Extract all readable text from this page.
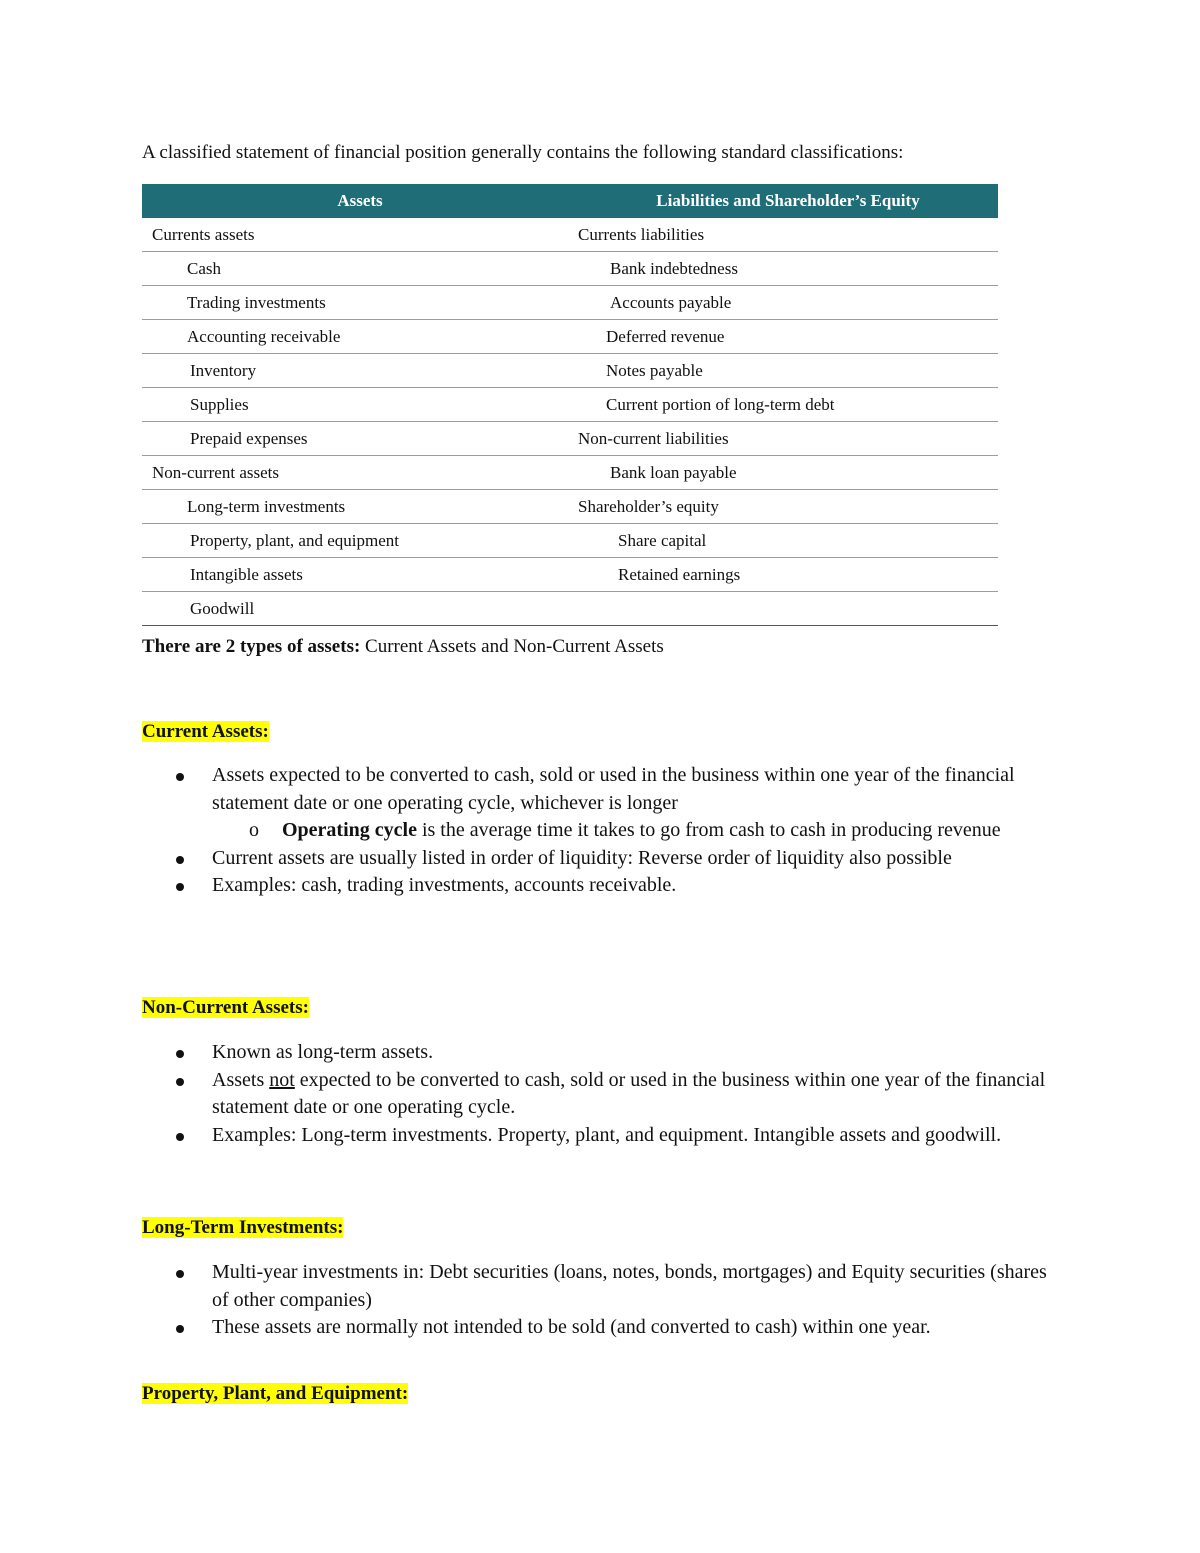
A classified statement of financial position generally contains the following standard classifications:

Assets	Liabilities and Shareholder’s Equity
Currents assets	Currents liabilities
Cash	Bank indebtedness
Trading investments	Accounts payable
Accounting receivable	Deferred revenue
Inventory	Notes payable
Supplies	Current portion of long-term debt
Prepaid expenses	Non-current liabilities
Non-current assets	Bank loan payable
Long-term investments	Shareholder’s equity
Property, plant, and equipment	Share capital
Intangible assets	Retained earnings
Goodwill	

There are 2 types of assets: Current Assets and Non-Current Assets

Current Assets:

Assets expected to be converted to cash, sold or used in the business within one year of the financial statement date or one operating cycle, whichever is longer
o Operating cycle is the average time it takes to go from cash to cash in producing revenue
Current assets are usually listed in order of liquidity: Reverse order of liquidity also possible
Examples: cash, trading investments, accounts receivable.

Non-Current Assets:

Known as long-term assets.
Assets not expected to be converted to cash, sold or used in the business within one year of the financial statement date or one operating cycle.
Examples: Long-term investments. Property, plant, and equipment. Intangible assets and goodwill.

Long-Term Investments:

Multi-year investments in: Debt securities (loans, notes, bonds, mortgages) and Equity securities (shares of other companies)
These assets are normally not intended to be sold (and converted to cash) within one year.

Property, Plant, and Equipment:
